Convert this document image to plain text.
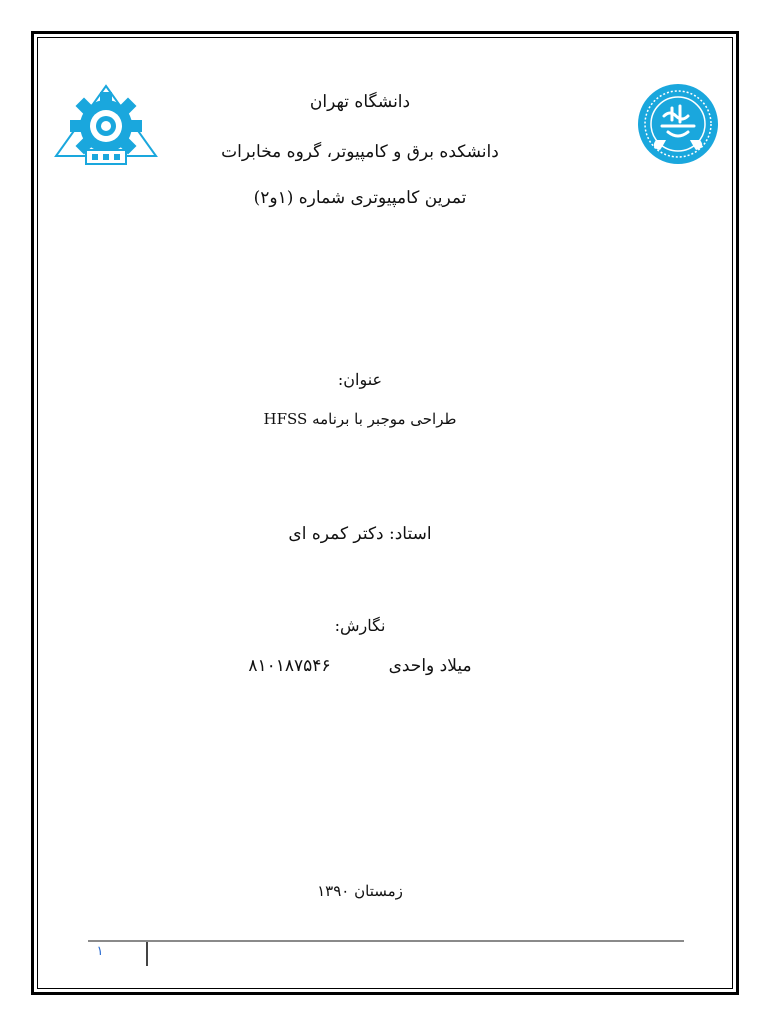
دانشگاه تهران
دانشکده برق و کامپیوتر، گروه مخابرات
تمرین کامپیوتری شماره (۱و۲)
عنوان:
طراحی موجبر با برنامه HFSS
استاد: دکتر کمره ای
نگارش:
میلاد واحدی۸۱۰۱۸۷۵۴۶
زمستان ۱۳۹۰
۱
